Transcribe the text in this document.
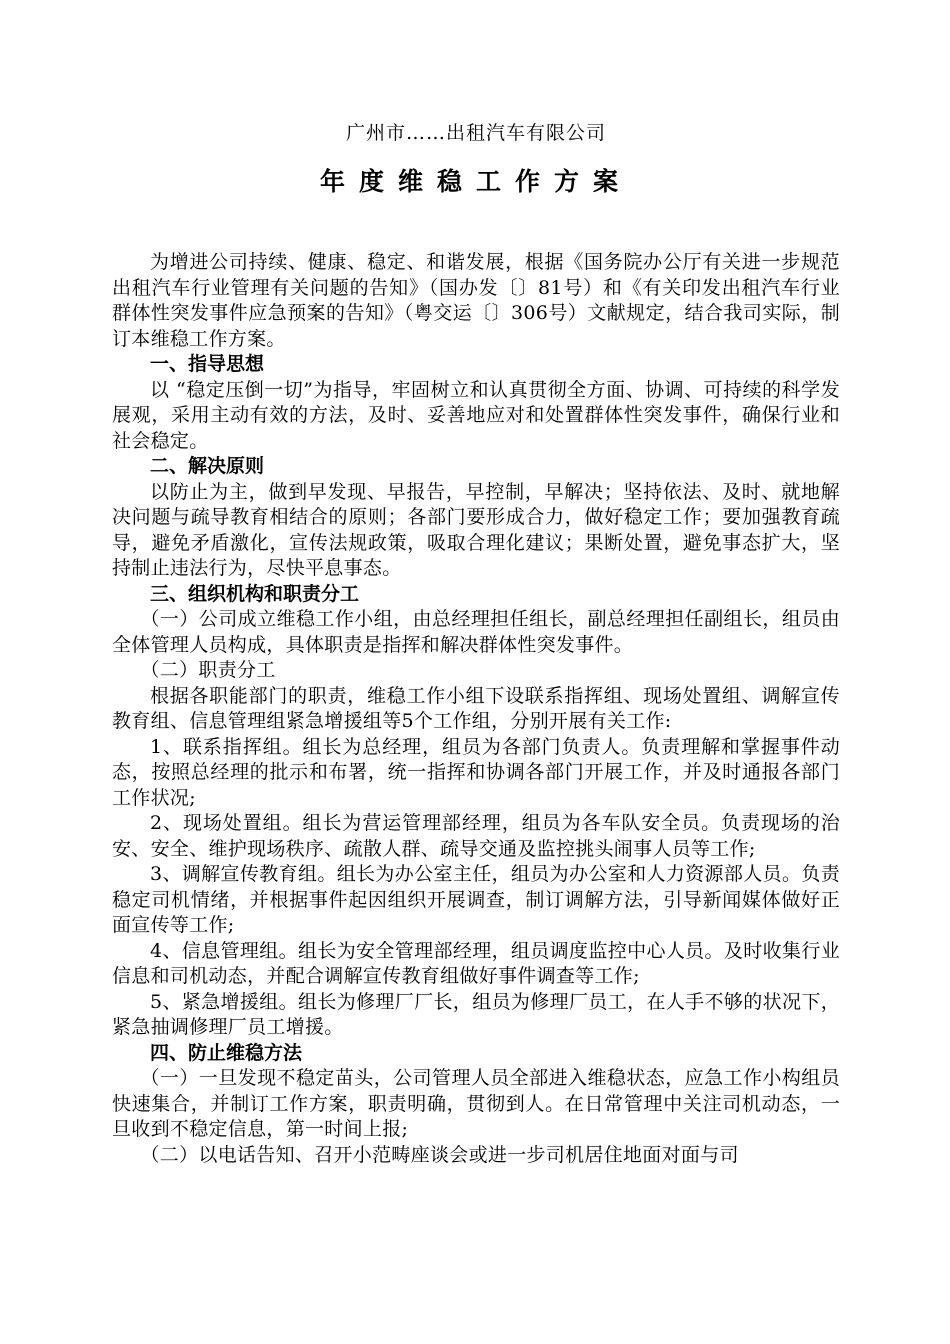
广州市……出租汽车有限公司

年度维稳工作方案

为增进公司持续、健康、稳定、和谐发展，根据《国务院办公厅有关进一步规范出租汽车行业管理有关问题的告知》（国办发〔〕81号）和《有关印发出租汽车行业群体性突发事件应急预案的告知》（粤交运〔〕306号）文献规定，结合我司实际，制订本维稳工作方案。

一、指导思想

以 “稳定压倒一切”为指导，牢固树立和认真贯彻全方面、协调、可持续的科学发展观，采用主动有效的方法，及时、妥善地应对和处置群体性突发事件，确保行业和社会稳定。

二、解决原则

以防止为主，做到早发现、早报告，早控制，早解决；坚持依法、及时、就地解决问题与疏导教育相结合的原则；各部门要形成合力，做好稳定工作；要加强教育疏导，避免矛盾激化，宣传法规政策，吸取合理化建议；果断处置，避免事态扩大，坚持制止违法行为，尽快平息事态。

三、组织机构和职责分工

（一）公司成立维稳工作小组，由总经理担任组长，副总经理担任副组长，组员由全体管理人员构成，具体职责是指挥和解决群体性突发事件。

（二）职责分工

根据各职能部门的职责，维稳工作小组下设联系指挥组、现场处置组、调解宣传教育组、信息管理组紧急增援组等5个工作组，分别开展有关工作:

1、联系指挥组。组长为总经理，组员为各部门负责人。负责理解和掌握事件动态，按照总经理的批示和布署，统一指挥和协调各部门开展工作，并及时通报各部门工作状况;

2、现场处置组。组长为营运管理部经理，组员为各车队安全员。负责现场的治安、安全、维护现场秩序、疏散人群、疏导交通及监控挑头闹事人员等工作;

3、调解宣传教育组。组长为办公室主任，组员为办公室和人力资源部人员。负责稳定司机情绪，并根据事件起因组织开展调查，制订调解方法，引导新闻媒体做好正面宣传等工作;

4、信息管理组。组长为安全管理部经理，组员调度监控中心人员。及时收集行业信息和司机动态，并配合调解宣传教育组做好事件调查等工作;

5、紧急增援组。组长为修理厂厂长，组员为修理厂员工，在人手不够的状况下，紧急抽调修理厂员工增援。

四、防止维稳方法

（一）一旦发现不稳定苗头，公司管理人员全部进入维稳状态，应急工作小构组员快速集合，并制订工作方案，职责明确，贯彻到人。在日常管理中关注司机动态，一旦收到不稳定信息，第一时间上报;

（二）以电话告知、召开小范畴座谈会或进一步司机居住地面对面与司
